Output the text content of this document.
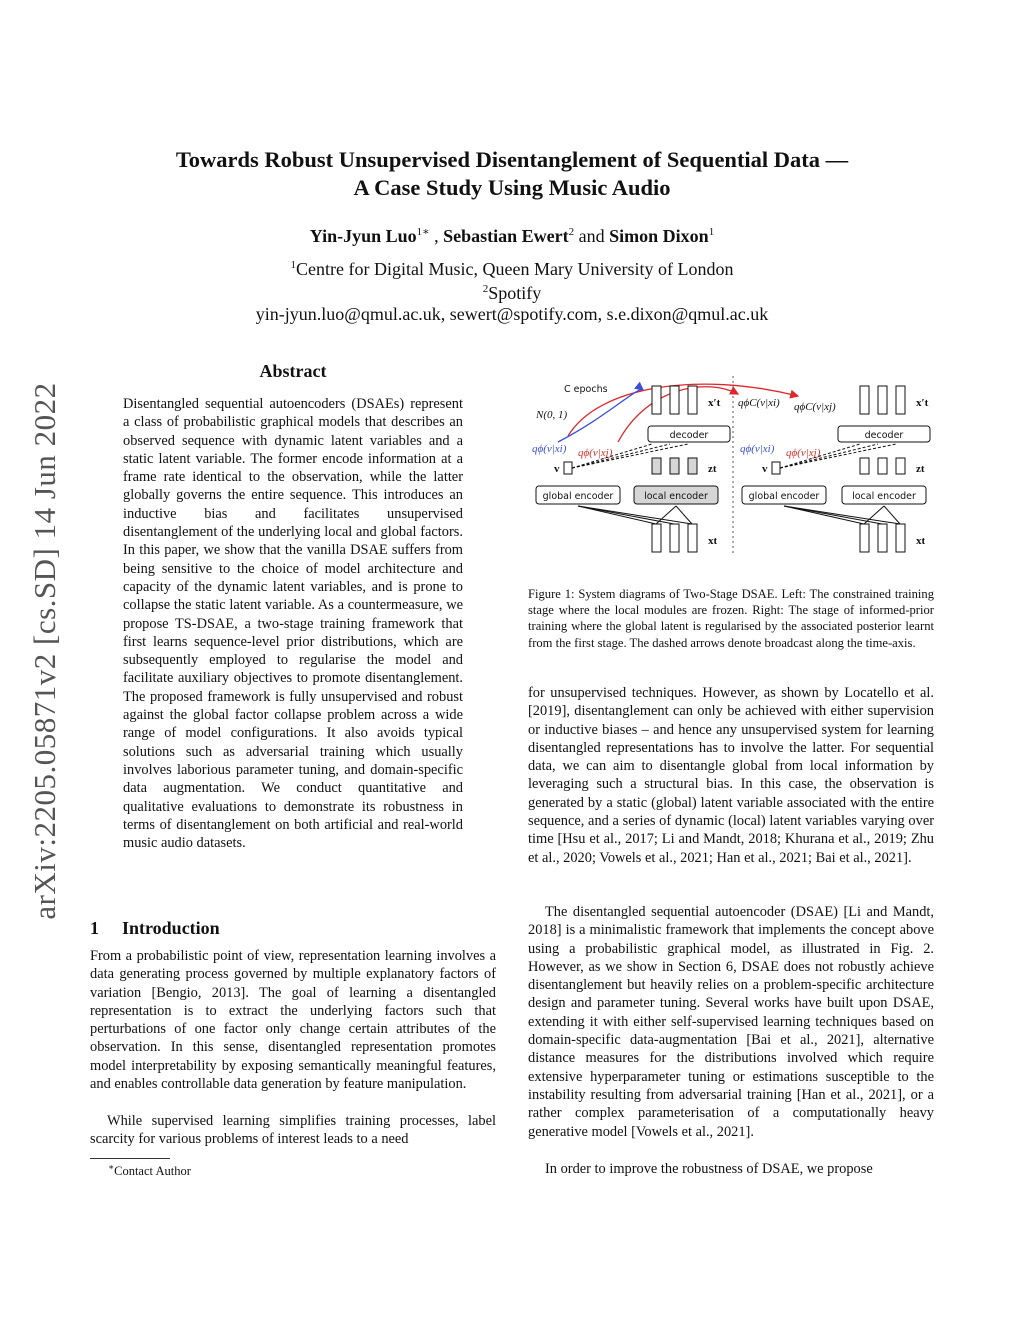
arXiv:2205.05871v2 [cs.SD] 14 Jun 2022
Towards Robust Unsupervised Disentanglement of Sequential Data —
A Case Study Using Music Audio
Yin-Jyun Luo$^{1∗}$ , Sebastian Ewert$^2$ and Simon Dixon$^1$
$^1$Centre for Digital Music, Queen Mary University of London
$^2$Spotify
yin-jyun.luo@qmul.ac.uk, sewert@spotify.com, s.e.dixon@qmul.ac.uk
Abstract
Disentangled sequential autoencoders (DSAEs) represent a class of probabilistic graphical models that describes an observed sequence with dynamic latent variables and a static latent variable. The former encode information at a frame rate identical to the observation, while the latter globally governs the entire sequence. This introduces an inductive bias and facilitates unsupervised disentanglement of the underlying local and global factors. In this paper, we show that the vanilla DSAE suffers from being sensitive to the choice of model architecture and capacity of the dynamic latent variables, and is prone to collapse the static latent variable. As a countermeasure, we propose TS-DSAE, a two-stage training framework that first learns sequence-level prior distributions, which are subsequently employed to regularise the model and facilitate auxiliary objectives to promote disentanglement. The proposed framework is fully unsupervised and robust against the global factor collapse problem across a wide range of model configurations. It also avoids typical solutions such as adversarial training which usually involves laborious parameter tuning, and domain-specific data augmentation. We conduct quantitative and qualitative evaluations to demonstrate its robustness in terms of disentanglement on both artificial and real-world music audio datasets.
1 Introduction
From a probabilistic point of view, representation learning involves a data generating process governed by multiple explanatory factors of variation [Bengio, 2013]. The goal of learning a disentangled representation is to extract the underlying factors such that perturbations of one factor only change certain attributes of the observation. In this sense, disentangled representation promotes model interpretability by exposing semantically meaningful features, and enables controllable data generation by feature manipulation.
While supervised learning simplifies training processes, label scarcity for various problems of interest leads to a need
∗Contact Author
C epochs
N(0, 1)
x′t
decoder
qϕ(v|xi) qϕ(v|xj)
v	zt
global encoder	local encoder
xt
qϕC(v|xi) qϕC(v|xj)	x′t
decoder
qϕ(v|xi) qϕ(v|xj)
v	zt
global encoder	local encoder
xt
Figure 1: System diagrams of Two-Stage DSAE. Left: The constrained training stage where the local modules are frozen. Right: The stage of informed-prior training where the global latent is regularised by the associated posterior learnt from the first stage. The dashed arrows denote broadcast along the time-axis.
for unsupervised techniques. However, as shown by Locatello et al. [2019], disentanglement can only be achieved with either supervision or inductive biases – and hence any unsupervised system for learning disentangled representations has to involve the latter. For sequential data, we can aim to disentangle global from local information by leveraging such a structural bias. In this case, the observation is generated by a static (global) latent variable associated with the entire sequence, and a series of dynamic (local) latent variables varying over time [Hsu et al., 2017; Li and Mandt, 2018; Khurana et al., 2019; Zhu et al., 2020; Vowels et al., 2021; Han et al., 2021; Bai et al., 2021].
The disentangled sequential autoencoder (DSAE) [Li and Mandt, 2018] is a minimalistic framework that implements the concept above using a probabilistic graphical model, as illustrated in Fig. 2. However, as we show in Section 6, DSAE does not robustly achieve disentanglement but heavily relies on a problem-specific architecture design and parameter tuning. Several works have built upon DSAE, extending it with either self-supervised learning techniques based on domain-specific data-augmentation [Bai et al., 2021], alternative distance measures for the distributions involved which require extensive hyperparameter tuning or estimations susceptible to the instability resulting from adversarial training [Han et al., 2021], or a rather complex parameterisation of a computationally heavy generative model [Vowels et al., 2021].
In order to improve the robustness of DSAE, we propose
